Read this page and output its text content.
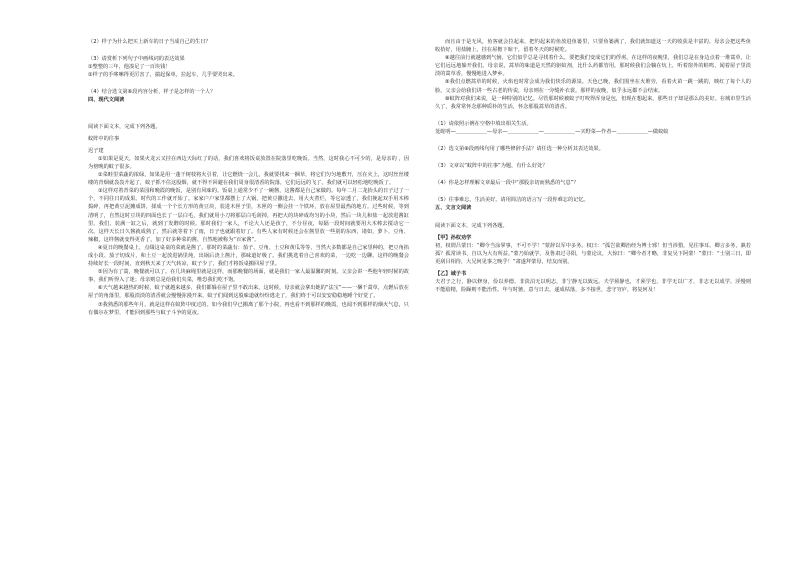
（2）样子为什么把买上新车的日子当成自己的生日？

（3）请赏析下列句子中画线词的表达效果

①整整的三年，他凑足了一百块钱！

②样子的手哆嗦得更厉害了，揣起保单，拉起车，几乎要哭出来。

（4）结合选文第⑥段内容分析，样子是怎样的一个人？

四、现代文阅读

阅读下面文本，完成下列各题。

蚊阵中的往事

迟子建

①如果是夏天，如果火龙云又挂在西边天际红了的话，我们喜欢将饭桌放置在院落里吃晚饭。当然，这时我心不可少的，是母亲的 ，因为傍晚的蚊子很多。

②菜畦里菜蔬的浓绿，如果是用一蓬干树枝将火引着，让它燃烧一会儿，我就要找来一捆草，将它们匀匀地敷开，压在火上，这时丝丝缕缕的青烟就袅袅升起了，蚊子抓不住这股烟，就不得不回避在我们周身很清香的院落，它们远远的飞了。我们就可以轻松地吃晚饭了。

③这样对着青菜的菜园和晚霞的晚饭，是别有风味的。饭桌上通常少不了一碗酱，这酱都是自己家做的。每年二月二龙抬头的日子过了一个，不同往日的成果。时代的工作就开始了。家家户户家里都摆上了大锅，把黄豆撒进去，用大火煮烂，等它凉透了，我们挽起双手用木棒捣碎，再把黄豆泥摊成饼，揉成一个个长方形的黄豆块，装进木匣子里，木匣的一侧会挂一个铁环，放在屋里最热的地方。过些时候，等到清明了，自然这时豆块的四面也长了一层白毛，我们就用小刀将那层白毛刮掉，再把大的块碎成均匀的小块，然后一块儿和盐一起放进酱缸里。我们，装满一缸之后，就到了发酵的时候。那时我们一家人，不论大人还是孩子，不分昼夜，每隔一段时间就要用大木棒去搅动它一次。这样天长日久酱就成熟了，然后就等着下了雨，日子也就跟着好了。有些人家有时候还会在酱里放一些别的东西，诸如，萝卜、豆角、辣椒，这样酱就变得更香了，加了好多种菜的酱，自然地被称为“百家酱”。

④夏日的晚餐桌上，点缀这桌桌的菜就是酱了，那时的菜蔬有：茄子、豆角、土豆和黄瓜等等，当然大多数都是自己家里种的，把豆角掐成小段、茄子切成片，和土豆一起放进锅里炖，出锅后浇上酱汁，那味道好极了。我们挑选着自己喜欢的菜，一边吃一边聊。这样的晚餐会持续好长一段时间，直到秋天来了天气转凉，蚊子少了，我们才将饭桌搬回屋子里。

⑤因为有了蒿，晚餐就可以了。在几块麻绳里就是这样，而那晚餐的场面，就是我们一家人最温馨的时刻。父亲会讲一些他年轻时候的故事，我们听得入了迷；母亲则总是给我们夹菜，唯恐我们吃不饱。

⑥天气越来越热的时候，蚊子就越来越多，我们都躲在屋子里不敢出来。这时候，母亲就会拿出她的“法宝”——一捆干蒿草，点燃后放在屋子的角落里，那股淡淡的清香就会慢慢弥漫开来，蚊子们闻到这股味道就纷纷逃走了，我们终于可以安安稳稳地睡个好觉了。

⑦我熟悉的那些年月，就是这样在蚊阵中度过的。如今我们早已搬离了那个小院，再也看不到那样的晚霞，也闻不到那样的烟火气息，只有偶尔在梦里，才能回到那些与蚊子斗争的夏夜。

而且由于是无风，鱼客就会拉起来，把钓起来的鱼放进鱼篓里，只要鱼篓满了，我们就知道这一天的收获是丰富的。母亲会把这些鱼收拾好，用盐腌上，挂在屋檐下晾干，留着冬天的时候吃。

⑧越往前行就越感到气恼，它们似乎总是寻找着什么，要把我们变成它们的俘虏。在这样的夜晚里，我们总是在身边点着一堆蒿草，让它们远远地躲开我们。母亲说，蒿草的味道是天然的驱蚊剂，比什么药都管用。那时候我们会躺在炕上，听着窗外的蛙鸣，闻着屋子里淡淡的蒿草香，慢慢地进入梦乡。

⑨我们点燃蒿草的时候，火焰也时常会成为我们快乐的源泉。天色已晚，我们围坐在火堆旁，看着火苗一跳一跳的，映红了每个人的脸。父亲会给我们讲一些古老的传说，母亲则在一旁缝补衣裳。那样的夜晚，似乎永远都不会结束。

⑩蚊阵对我们来说，是一种特别的记忆。尽管那时候被蚊子叮咬得浑身是包，但现在想起来，那些日子却是那么的美好。在城市里生活久了，我常常怀念那种质朴的生活，怀念那股蒿草的清香。

（1）请依照示例在空格中填出相关生活。

茏蛇明—＿＿＿＿＿＿—母亲—＿＿＿＿＿＿—＿＿＿＿＿＿—买野菜—作者—＿＿＿＿＿＿—做蚊蚊

（2）选文第⑧段画线句用了哪些修辞手法？请任选一种分析其表达效果。

（3）文章以“蚊阵中的往事”为题，有什么好处？

（4）你是怎样理解文章最后一段中“那股亲切而熟悉的气息”？

（5）往事难忘，生活美好。请用简洁的语言写一段你难忘的记忆。

五、文言文阅读

阅读下面文本，完成下列各题。

【甲】孙权劝学

初，权谓吕蒙曰：“卿今当涂掌事，不可不学！”蒙辞以军中多务。权曰：“孤岂欲卿治经为博士邪！但当涉猎，见往事耳。卿言多务，孰若孤？孤常读书，自以为大有所益。”蒙乃始就学。及鲁肃过寻阳，与蒙论议，大惊曰：“卿今者才略，非复吴下阿蒙！”蒙曰：“士别三日，即更刮目相待，大兄何见事之晚乎！”肃遂拜蒙母，结友而别。

【乙】诫子书

夫君子之行，静以修身，俭以养德。非淡泊无以明志，非宁静无以致远。夫学须静也，才须学也，非学无以广才，非志无以成学。淫慢则不能励精，险躁则不能治性。年与时驰，意与日去，遂成枯落，多不接世，悲守穷庐，将复何及！
